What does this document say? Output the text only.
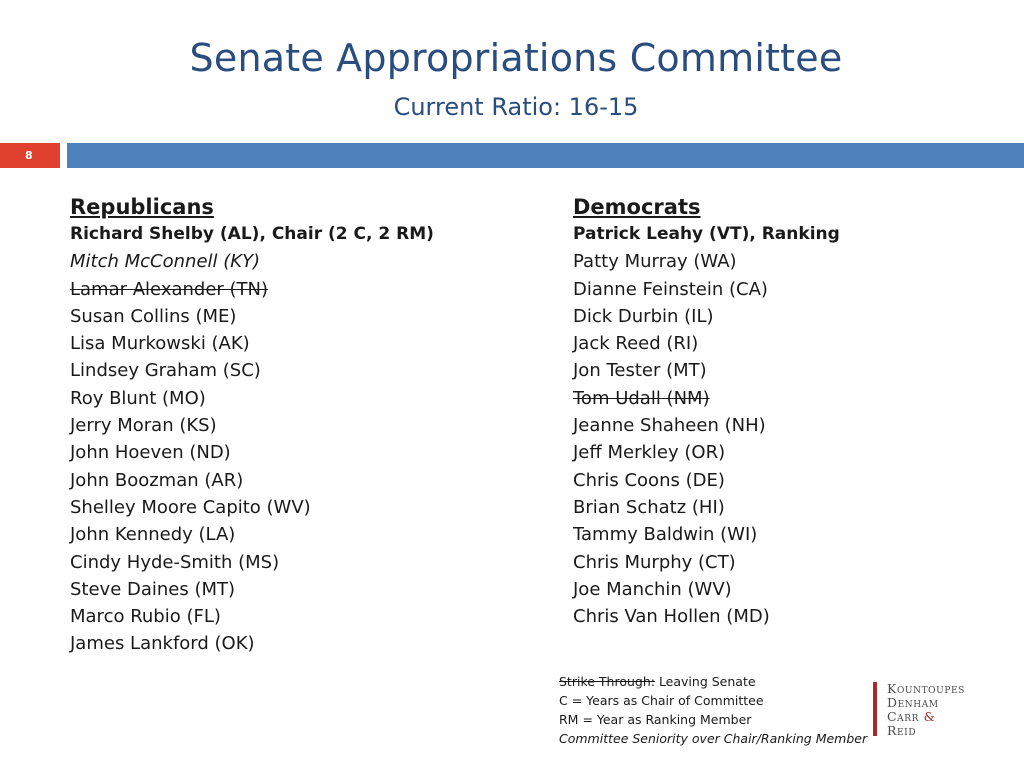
Senate Appropriations Committee
Current Ratio: 16-15
8
Republicans
Richard Shelby (AL), Chair (2 C, 2 RM)
Mitch McConnell (KY)
Lamar Alexander (TN)
Susan Collins (ME)
Lisa Murkowski (AK)
Lindsey Graham (SC)
Roy Blunt (MO)
Jerry Moran (KS)
John Hoeven (ND)
John Boozman (AR)
Shelley Moore Capito (WV)
John Kennedy (LA)
Cindy Hyde-Smith (MS)
Steve Daines (MT)
Marco Rubio (FL)
James Lankford (OK)
Democrats
Patrick Leahy (VT), Ranking
Patty Murray (WA)
Dianne Feinstein (CA)
Dick Durbin (IL)
Jack Reed (RI)
Jon Tester (MT)
Tom Udall (NM)
Jeanne Shaheen (NH)
Jeff Merkley (OR)
Chris Coons (DE)
Brian Schatz (HI)
Tammy Baldwin (WI)
Chris Murphy (CT)
Joe Manchin (WV)
Chris Van Hollen (MD)
Strike Through: Leaving Senate
C = Years as Chair of Committee
RM = Year as Ranking Member
Committee Seniority over Chair/Ranking Member
Kountoupes
Denham
Carr &
Reid
